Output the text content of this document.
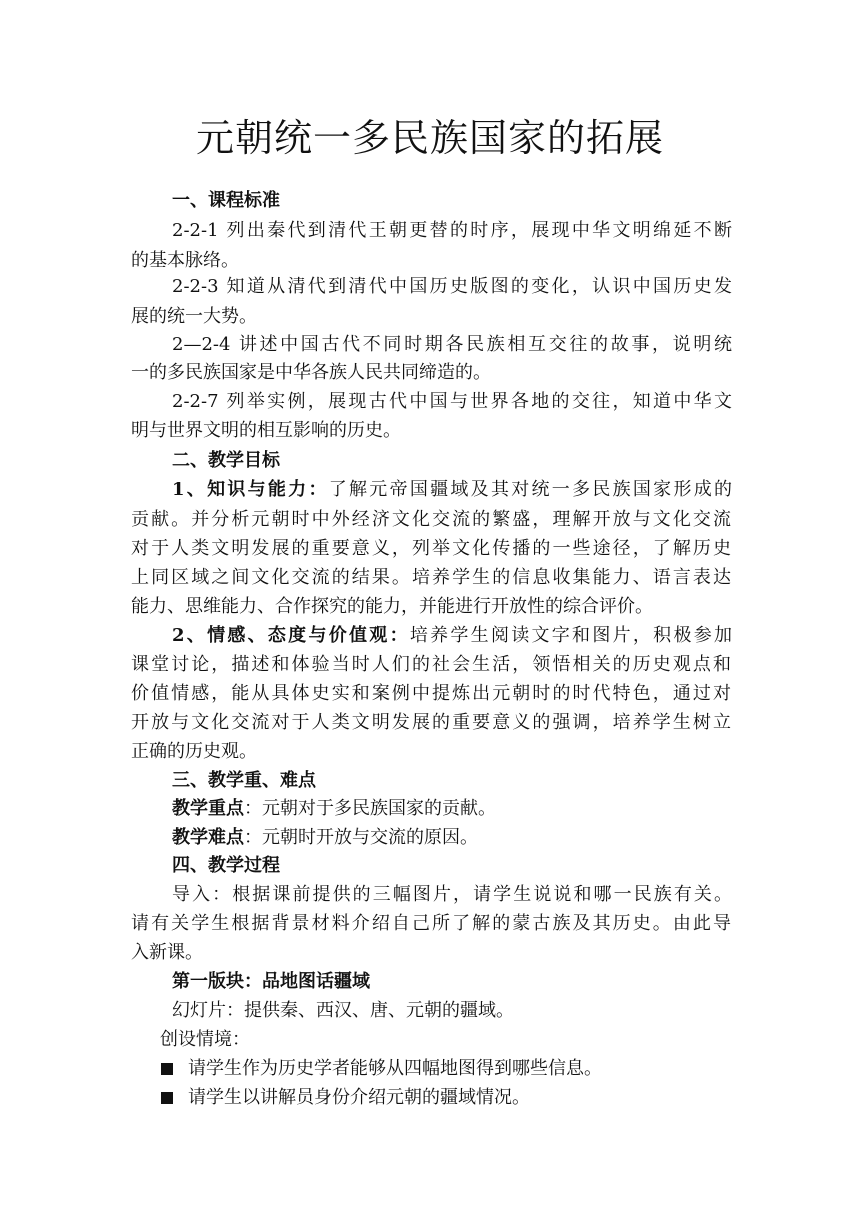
元朝统一多民族国家的拓展
一、课程标准
2-2-1 列出秦代到清代王朝更替的时序，展现中华文明绵延不断
的基本脉络。
2-2-3 知道从清代到清代中国历史版图的变化，认识中国历史发
展的统一大势。
2—2-4 讲述中国古代不同时期各民族相互交往的故事，说明统
一的多民族国家是中华各族人民共同缔造的。
2-2-7 列举实例，展现古代中国与世界各地的交往，知道中华文
明与世界文明的相互影响的历史。
二、教学目标
1、知识与能力：了解元帝国疆域及其对统一多民族国家形成的
贡献。并分析元朝时中外经济文化交流的繁盛，理解开放与文化交流
对于人类文明发展的重要意义，列举文化传播的一些途径，了解历史
上同区域之间文化交流的结果。培养学生的信息收集能力、语言表达
能力、思维能力、合作探究的能力，并能进行开放性的综合评价。
2、情感、态度与价值观：培养学生阅读文字和图片，积极参加
课堂讨论，描述和体验当时人们的社会生活，领悟相关的历史观点和
价值情感，能从具体史实和案例中提炼出元朝时的时代特色，通过对
开放与文化交流对于人类文明发展的重要意义的强调，培养学生树立
正确的历史观。
三、教学重、难点
教学重点：元朝对于多民族国家的贡献。
教学难点：元朝时开放与交流的原因。
四、教学过程
导入：根据课前提供的三幅图片，请学生说说和哪一民族有关。
请有关学生根据背景材料介绍自己所了解的蒙古族及其历史。由此导
入新课。
第一版块：品地图话疆域
幻灯片：提供秦、西汉、唐、元朝的疆域。
创设情境：
请学生作为历史学者能够从四幅地图得到哪些信息。
请学生以讲解员身份介绍元朝的疆域情况。
